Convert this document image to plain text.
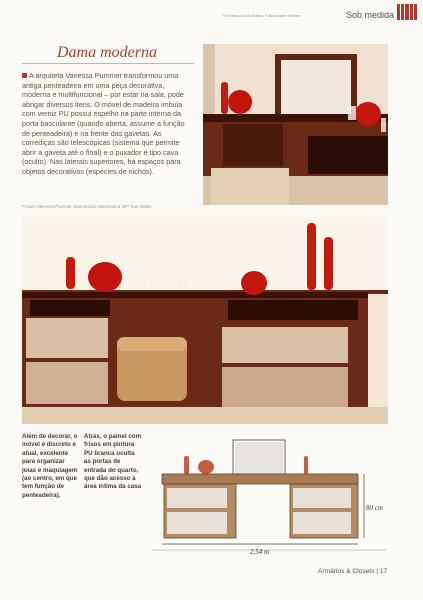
Por Maria Lúcia Matos | Fotos André Wilmer	Sob medida
Dama moderna
A arquiteta Vanessa Pummer transformou uma antiga penteadeira em uma peça decorativa, moderna e multifuncional – por estar na sala, pode abrigar diversos itens. O móvel de madeira imbuia com verniz PU possui espelho na parte interna da porta basculante (quando aberta, assume a função de penteadeira) e na frente das gavetas. As corrediças são telescópicas (sistema que permite abrir a gaveta até o final) e o puxador é tipo cava (oculto). Nas laterais superiores, há espaços para objetos decorativos (espécies de nichos).
Projeto Vanessa Pummer. Marcenaria: Marcenaria JBT San Mobel.
Além de decorar, o móvel é discreto e atual, excelente para organizar joias e maquiagem (ao centro, em que tem função de penteadeira).
Atrás, o painel com frisos em pintura PU branca oculta as portas de entrada do quarto, que dão acesso à área íntima da casa
80 cm
2,54 m
Armários & Closets | 17
